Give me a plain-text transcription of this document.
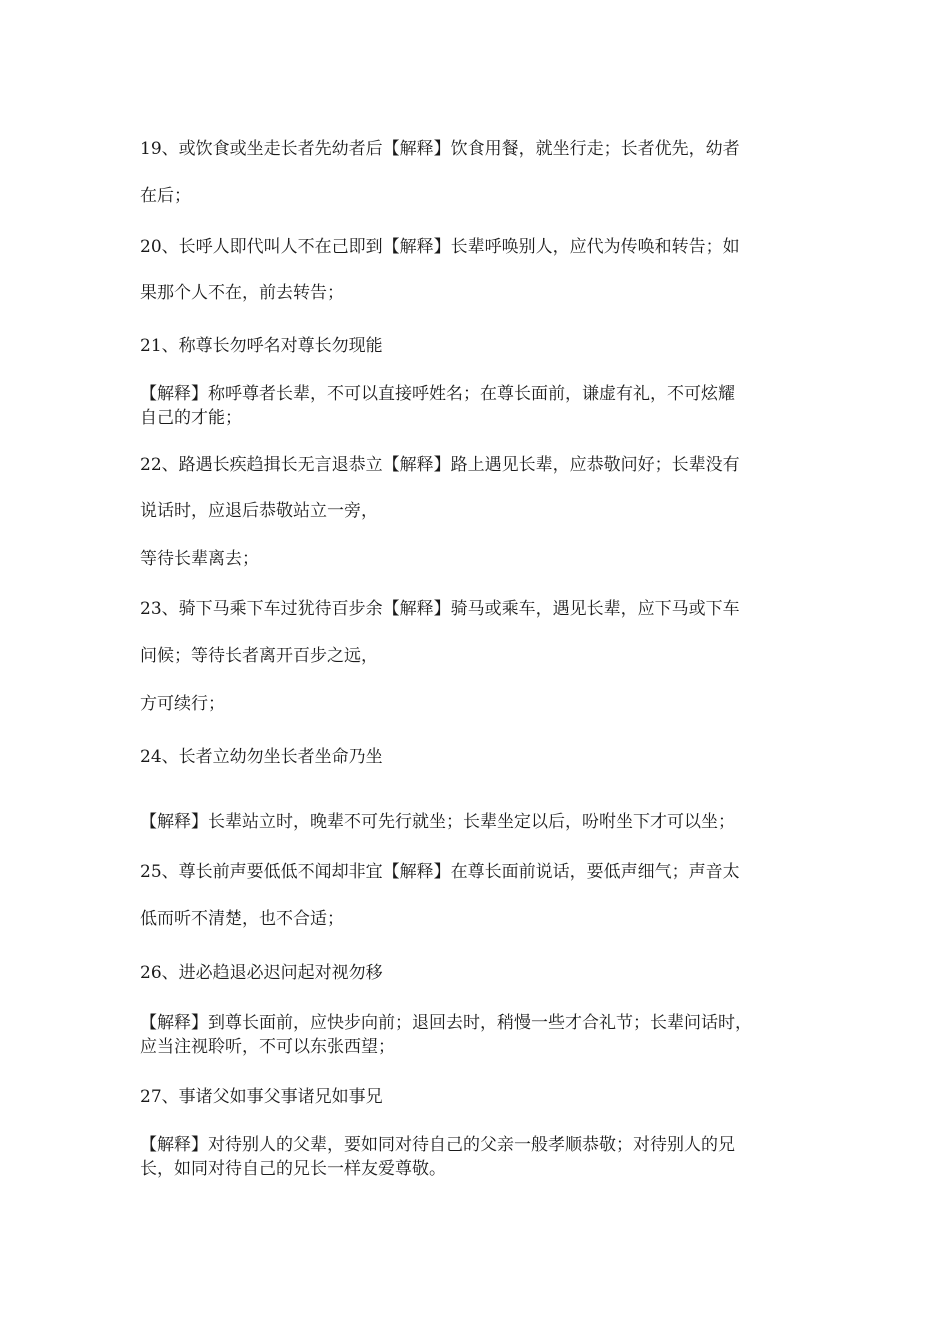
19、或饮食或坐走长者先幼者后【解释】饮食用餐，就坐行走；长者优先，幼者
在后；
20、长呼人即代叫人不在己即到【解释】长辈呼唤别人，应代为传唤和转告；如
果那个人不在，前去转告；
21、称尊长勿呼名对尊长勿现能
【解释】称呼尊者长辈，不可以直接呼姓名；在尊长面前，谦虚有礼，不可炫耀
自己的才能；
22、路遇长疾趋揖长无言退恭立【解释】路上遇见长辈，应恭敬问好；长辈没有
说话时，应退后恭敬站立一旁，
等待长辈离去；
23、骑下马乘下车过犹待百步余【解释】骑马或乘车，遇见长辈，应下马或下车
问候；等待长者离开百步之远，
方可续行；
24、长者立幼勿坐长者坐命乃坐
【解释】长辈站立时，晚辈不可先行就坐；长辈坐定以后，吩咐坐下才可以坐；
25、尊长前声要低低不闻却非宜【解释】在尊长面前说话，要低声细气；声音太
低而听不清楚，也不合适；
26、进必趋退必迟问起对视勿移
【解释】到尊长面前，应快步向前；退回去时，稍慢一些才合礼节；长辈问话时，
应当注视聆听，不可以东张西望；
27、事诸父如事父事诸兄如事兄
【解释】对待别人的父辈，要如同对待自己的父亲一般孝顺恭敬；对待别人的兄
长，如同对待自己的兄长一样友爱尊敬。
